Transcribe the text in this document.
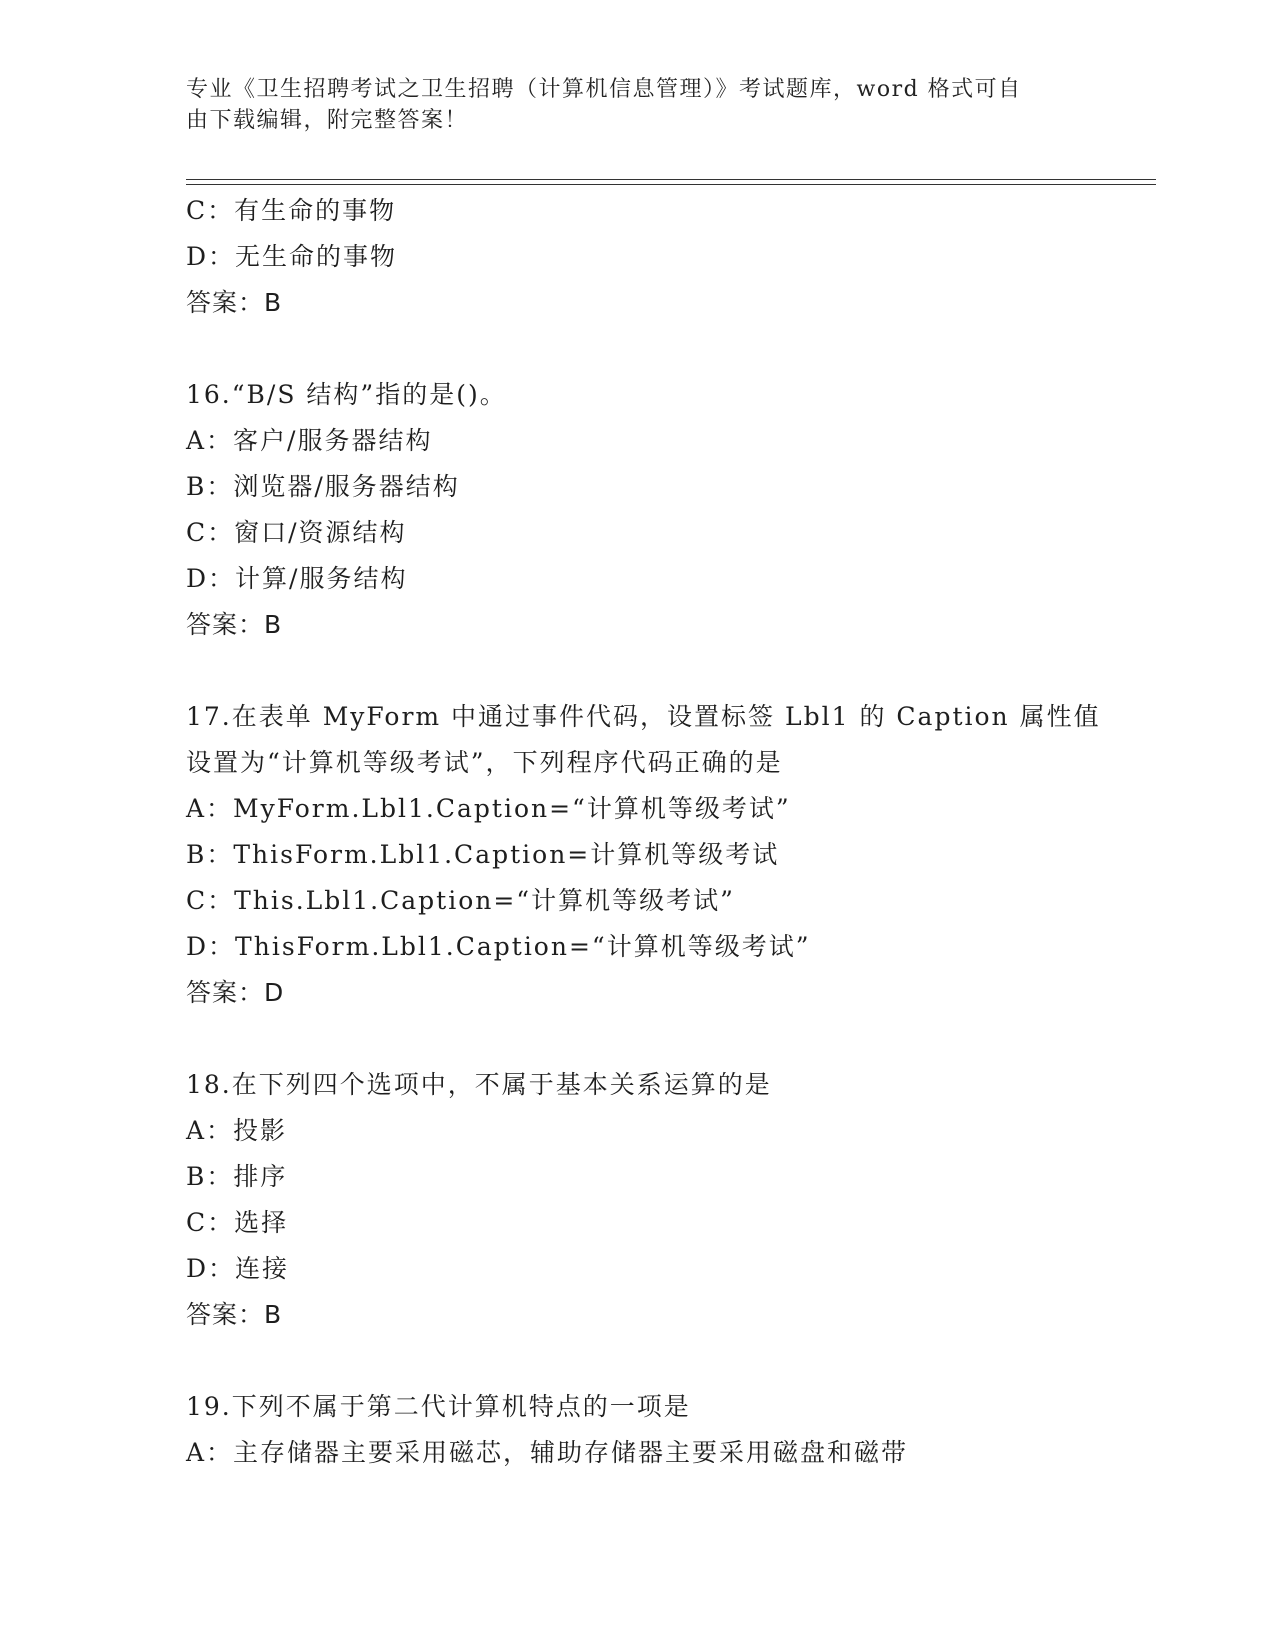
专业《卫生招聘考试之卫生招聘（计算机信息管理）》考试题库，word 格式可自
由下载编辑，附完整答案！
C：有生命的事物
D：无生命的事物
答案：B
16.“B/S 结构”指的是()。
A：客户/服务器结构
B：浏览器/服务器结构
C：窗口/资源结构
D：计算/服务结构
答案：B
17.在表单 MyForm 中通过事件代码，设置标签 Lbl1 的 Caption 属性值
设置为“计算机等级考试”，下列程序代码正确的是
A：MyForm.Lbl1.Caption=“计算机等级考试”
B：ThisForm.Lbl1.Caption=计算机等级考试
C：This.Lbl1.Caption=“计算机等级考试”
D：ThisForm.Lbl1.Caption=“计算机等级考试”
答案：D
18.在下列四个选项中，不属于基本关系运算的是
A：投影
B：排序
C：选择
D：连接
答案：B
19.下列不属于第二代计算机特点的一项是
A：主存储器主要采用磁芯，辅助存储器主要采用磁盘和磁带
